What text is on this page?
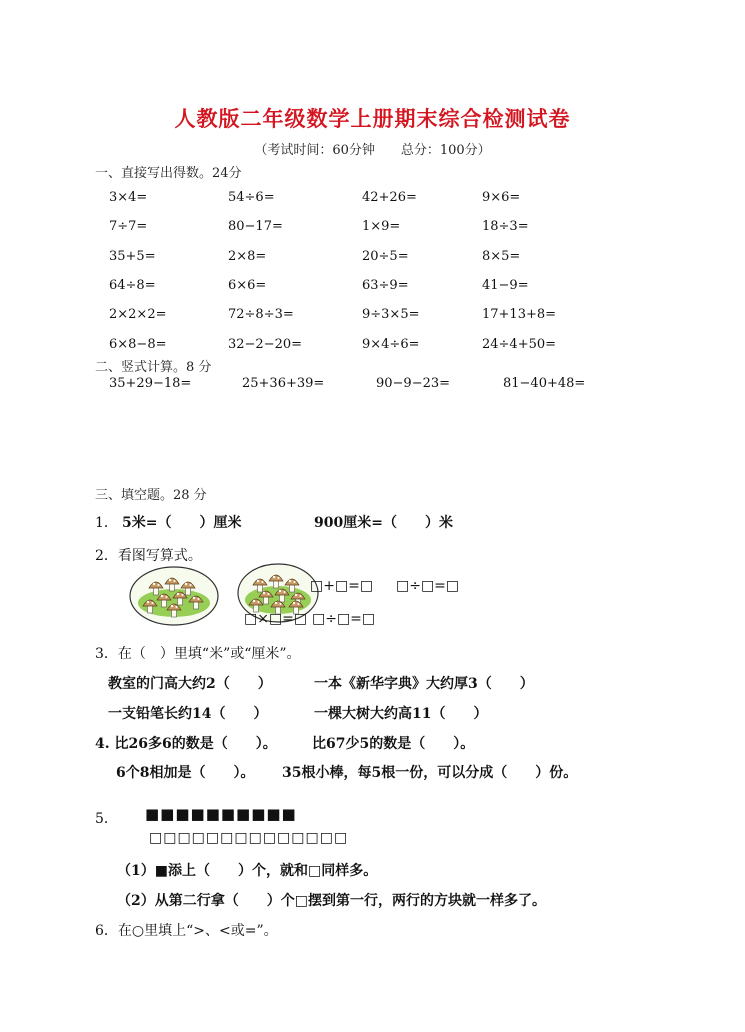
人教版二年级数学上册期末综合检测试卷
（考试时间：60分钟　　总分：100分）
一、直接写出得数。24分
3×4=	54÷6=	42+26=	9×6=
7÷7=	80−17=	1×9=	18÷3=
35+5=	2×8=	20÷5=	8×5=
64÷8=	6×6=	63÷9=	41−9=
2×2×2=	72÷8÷3=	9÷3×5=	17+13+8=
6×8−8=	32−2−20=	9×4÷6=	24÷4+50=
二、竖式计算。8 分
35+29−18=	25+36+39=	90−9−23=	81−40+48=
三、填空题。28 分
1． 5米=（　　）厘米	900厘米=（　　）米
2．看图写算式。
□+□=□ □÷□=□
□×□=□ □÷□=□
3．在（　）里填“米”或“厘米”。
教室的门高大约2（　　）	一本《新华字典》大约厚3（　　）
一支铅笔长约14（　　）	一棵大树大约高11（　　）
4. 比26多6的数是（　　）。	比67少5的数是（　　）。
6个8相加是（　　）。 35根小棒，每5根一份，可以分成（　　）份。
5． ■■■■■■■■■■
□□□□□□□□□□□□□□
（1）■添上（　　）个，就和□同样多。
（2）从第二行拿（　　）个□摆到第一行，两行的方块就一样多了。
6．在○里填上“>、<或=”。
